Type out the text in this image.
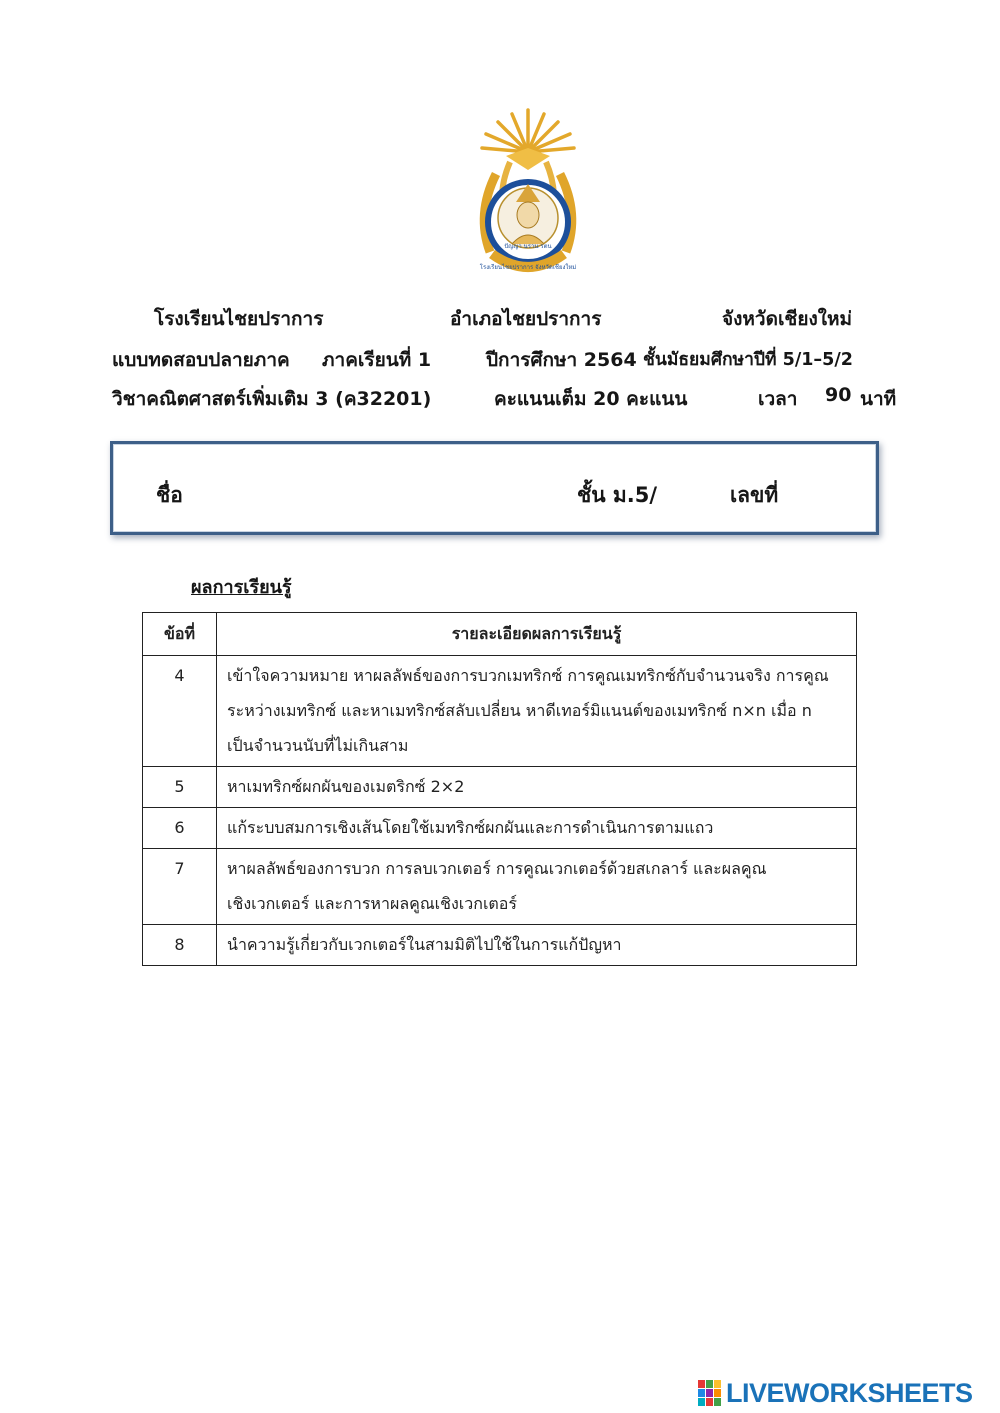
ปัญญา นราน รตน
โรงเรียนไชยปราการ จังหวัดเชียงใหม่
โรงเรียนไชยปราการ	อำเภอไชยปราการ	จังหวัดเชียงใหม่
แบบทดสอบปลายภาค ภาคเรียนที่ 1	ปีการศึกษา 2564 ชั้นมัธยมศึกษาปีที่ 5/1–5/2
วิชาคณิตศาสตร์เพิ่มเติม 3 (ค32201)	คะแนนเต็ม 20 คะแนน	เวลา 90 นาที
ชื่อ	ชั้น ม.5/	เลขที่
ผลการเรียนรู้
ข้อที่	รายละเอียดผลการเรียนรู้
4	เข้าใจความหมาย หาผลลัพธ์ของการบวกเมทริกซ์ การคูณเมทริกซ์กับจำนวนจริง การคูณ
ระหว่างเมทริกซ์ และหาเมทริกซ์สลับเปลี่ยน หาดีเทอร์มิแนนต์ของเมทริกซ์ n×n เมื่อ n
เป็นจำนวนนับที่ไม่เกินสาม

5	หาเมทริกซ์ผกผันของเมตริกซ์ 2×2

6	แก้ระบบสมการเชิงเส้นโดยใช้เมทริกซ์ผกผันและการดำเนินการตามแถว

7	หาผลลัพธ์ของการบวก การลบเวกเตอร์ การคูณเวกเตอร์ด้วยสเกลาร์ และผลคูณ
เชิงเวกเตอร์ และการหาผลคูณเชิงเวกเตอร์

8	นำความรู้เกี่ยวกับเวกเตอร์ในสามมิติไปใช้ในการแก้ปัญหา
LIVEWORKSHEETS
